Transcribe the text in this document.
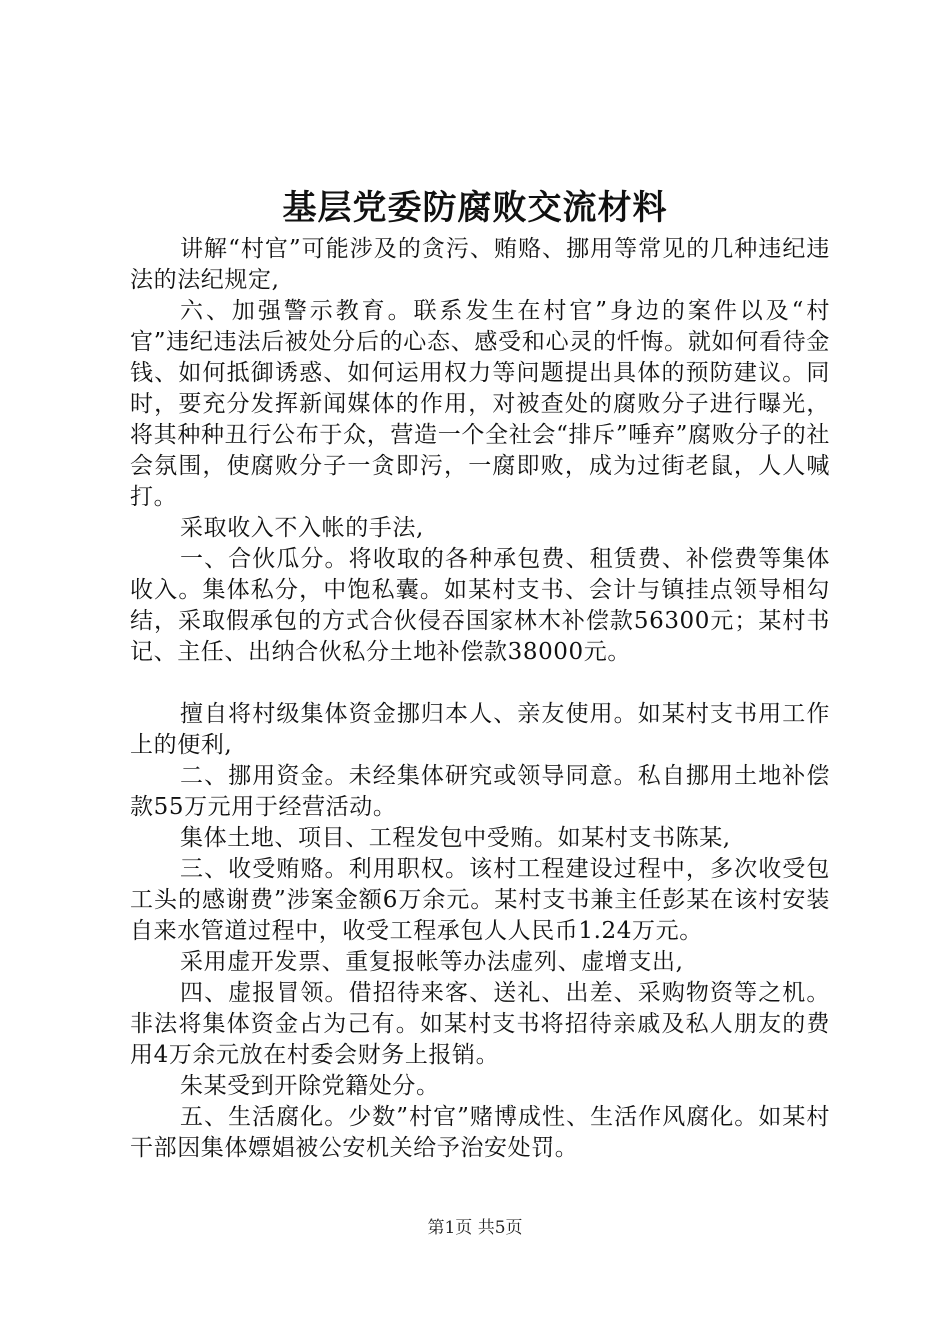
基层党委防腐败交流材料

讲解“村官”可能涉及的贪污、贿赂、挪用等常见的几种违纪违法的法纪规定,

六、加强警示教育。联系发生在村官”身边的案件以及“村官”违纪违法后被处分后的心态、感受和心灵的忏悔。就如何看待金钱、如何抵御诱惑、如何运用权力等问题提出具体的预防建议。同时，要充分发挥新闻媒体的作用，对被查处的腐败分子进行曝光，将其种种丑行公布于众，营造一个全社会“排斥”唾弃”腐败分子的社会氛围，使腐败分子一贪即污，一腐即败，成为过街老鼠，人人喊打。

采取收入不入帐的手法,

一、合伙瓜分。将收取的各种承包费、租赁费、补偿费等集体收入。集体私分，中饱私囊。如某村支书、会计与镇挂点领导相勾结，采取假承包的方式合伙侵吞国家林木补偿款56300元；某村书记、主任、出纳合伙私分土地补偿款38000元。

擅自将村级集体资金挪归本人、亲友使用。如某村支书用工作上的便利,

二、挪用资金。未经集体研究或领导同意。私自挪用土地补偿款55万元用于经营活动。

集体土地、项目、工程发包中受贿。如某村支书陈某,

三、收受贿赂。利用职权。该村工程建设过程中，多次收受包工头的感谢费”涉案金额6万余元。某村支书兼主任彭某在该村安装自来水管道过程中，收受工程承包人人民币1.24万元。

采用虚开发票、重复报帐等办法虚列、虚增支出,

四、虚报冒领。借招待来客、送礼、出差、采购物资等之机。非法将集体资金占为己有。如某村支书将招待亲戚及私人朋友的费用4万余元放在村委会财务上报销。

朱某受到开除党籍处分。

五、生活腐化。少数”村官”赌博成性、生活作风腐化。如某村干部因集体嫖娼被公安机关给予治安处罚。

第1页 共5页
